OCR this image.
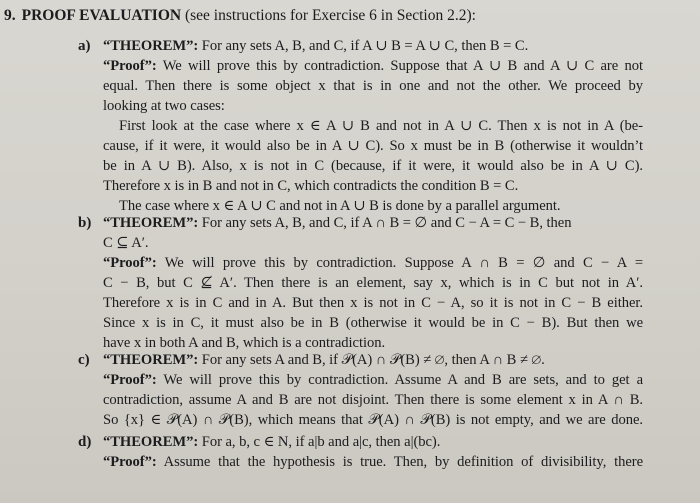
9. PROOF EVALUATION (see instructions for Exercise 6 in Section 2.2):
a) “THEOREM”: For any sets A, B, and C, if A ∪ B = A ∪ C, then B = C.
“Proof”: We will prove this by contradiction. Suppose that A ∪ B and A ∪ C are not
equal. Then there is some object x that is in one and not the other. We proceed by
looking at two cases:
First look at the case where x ∈ A ∪ B and not in A ∪ C. Then x is not in A (be-
cause, if it were, it would also be in A ∪ C). So x must be in B (otherwise it wouldn’t
be in A ∪ B). Also, x is not in C (because, if it were, it would also be in A ∪ C).
Therefore x is in B and not in C, which contradicts the condition B = C.
The case where x ∈ A ∪ C and not in A ∪ B is done by a parallel argument.
b) “THEOREM”: For any sets A, B, and C, if A ∩ B = ∅ and C − A = C − B, then
C ⊆ A′.
“Proof”: We will prove this by contradiction. Suppose A ∩ B = ∅ and C − A =
C − B, but C ⊈ A′. Then there is an element, say x, which is in C but not in A′.
Therefore x is in C and in A. But then x is not in C − A, so it is not in C − B either.
Since x is in C, it must also be in B (otherwise it would be in C − B). But then we
have x in both A and B, which is a contradiction.
c) “THEOREM”: For any sets A and B, if 𝒫(A) ∩ 𝒫(B) ≠ ∅, then A ∩ B ≠ ∅.
“Proof”: We will prove this by contradiction. Assume A and B are sets, and to get a
contradiction, assume A and B are not disjoint. Then there is some element x in A ∩ B.
So {x} ∈ 𝒫(A) ∩ 𝒫(B), which means that 𝒫(A) ∩ 𝒫(B) is not empty, and we are done.
d) “THEOREM”: For a, b, c ∈ N, if a|b and a|c, then a|(bc).
“Proof”: Assume that the hypothesis is true. Then, by definition of divisibility, there
